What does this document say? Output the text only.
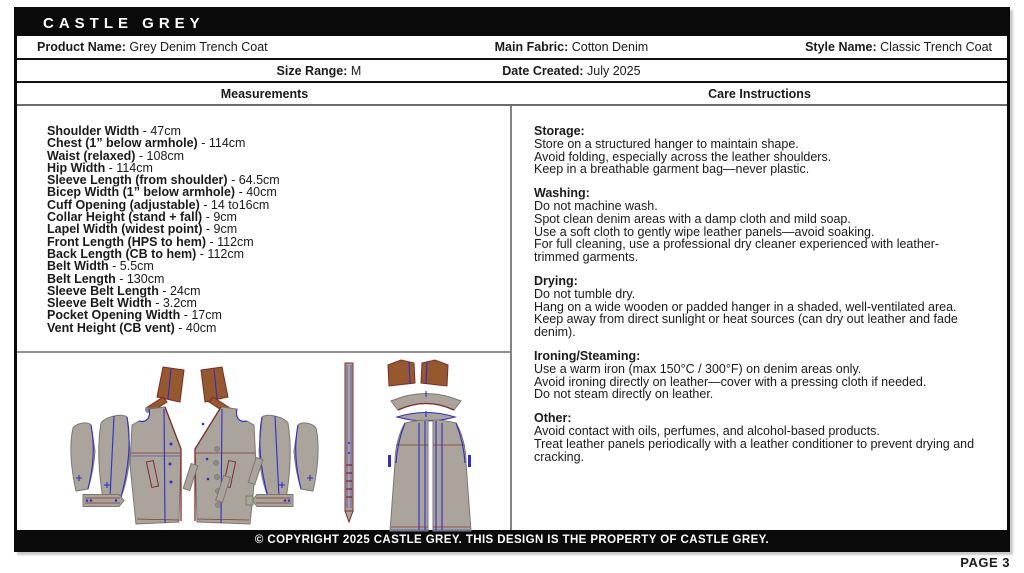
CASTLE GREY
Product Name: Grey Denim Trench Coat	Main Fabric: Cotton Denim	Style Name: Classic Trench Coat
Size Range: M	Date Created: July 2025
Measurements	Care Instructions
Shoulder Width - 47cm
Chest (1” below armhole) - 114cm
Waist (relaxed) - 108cm
Hip Width - 114cm
Sleeve Length (from shoulder) - 64.5cm
Bicep Width (1” below armhole) - 40cm
Cuff Opening (adjustable) - 14 to16cm
Collar Height (stand + fall) - 9cm
Lapel Width (widest point) - 9cm
Front Length (HPS to hem) - 112cm
Back Length (CB to hem) - 112cm
Belt Width - 5.5cm
Belt Length - 130cm
Sleeve Belt Length - 24cm
Sleeve Belt Width - 3.2cm
Pocket Opening Width - 17cm
Vent Height (CB vent) - 40cm
Storage:
Store on a structured hanger to maintain shape.
Avoid folding, especially across the leather shoulders.
Keep in a breathable garment bag—never plastic.
Washing:
Do not machine wash.
Spot clean denim areas with a damp cloth and mild soap.
Use a soft cloth to gently wipe leather panels—avoid soaking.
For full cleaning, use a professional dry cleaner experienced with leather-trimmed garments.
Drying:
Do not tumble dry.
Hang on a wide wooden or padded hanger in a shaded, well-ventilated area.
Keep away from direct sunlight or heat sources (can dry out leather and fade denim).
Ironing/Steaming:
Use a warm iron (max 150°C / 300°F) on denim areas only.
Avoid ironing directly on leather—cover with a pressing cloth if needed.
Do not steam directly on leather.
Other:
Avoid contact with oils, perfumes, and alcohol-based products.
Treat leather panels periodically with a leather conditioner to prevent drying and cracking.
© COPYRIGHT 2025 CASTLE GREY. THIS DESIGN IS THE PROPERTY OF CASTLE GREY.
PAGE 3
